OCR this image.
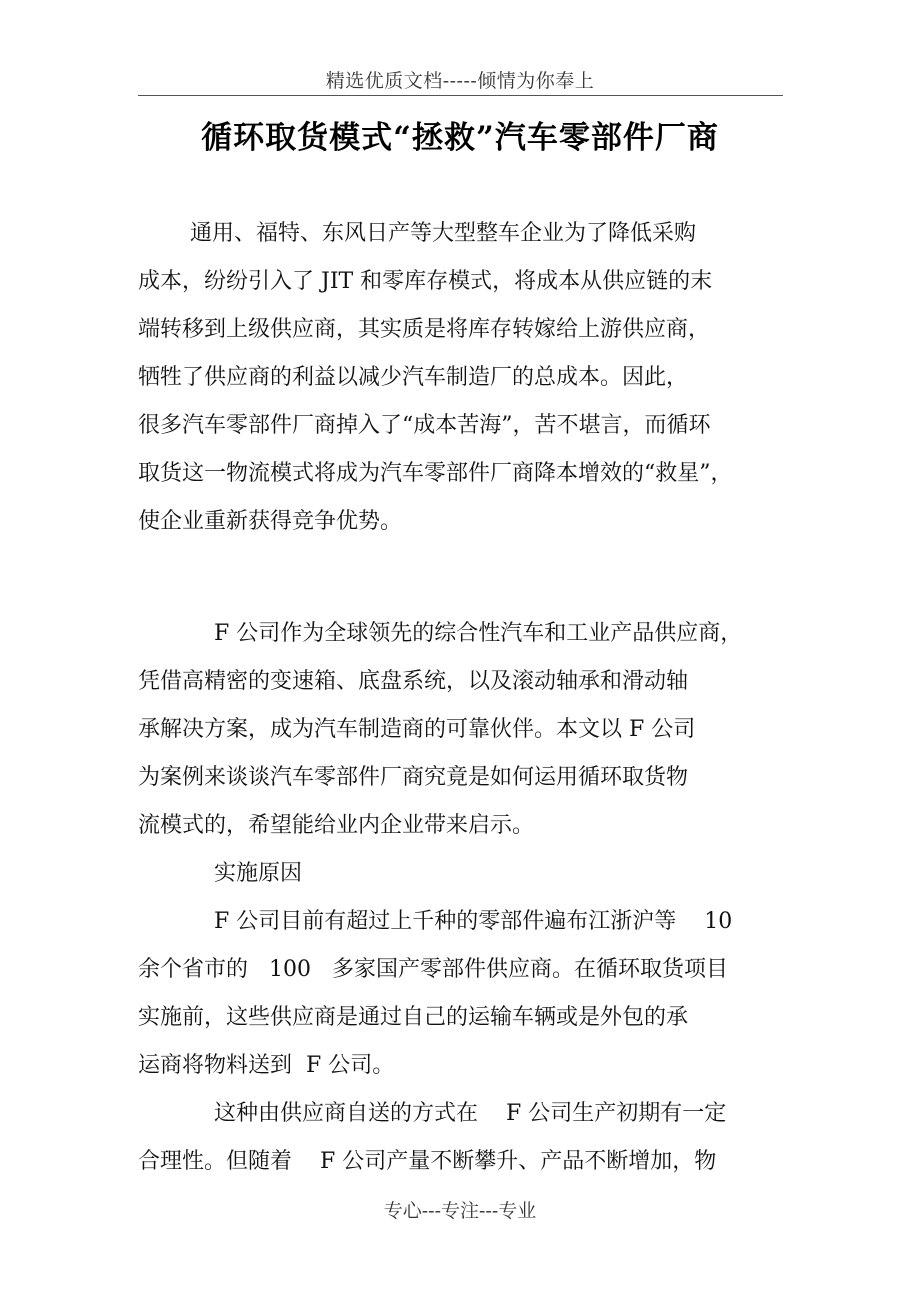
精选优质文档-----倾情为你奉上
循环取货模式“拯救”汽车零部件厂商
通用、福特、东风日产等大型整车企业为了降低采购
成本，纷纷引入了 JIT 和零库存模式，将成本从供应链的末
端转移到上级供应商，其实质是将库存转嫁给上游供应商，
牺牲了供应商的利益以减少汽车制造厂的总成本。因此，
很多汽车零部件厂商掉入了“成本苦海”，苦不堪言，而循环
取货这一物流模式将成为汽车零部件厂商降本增效的“救星”，
使企业重新获得竞争优势。
F 公司作为全球领先的综合性汽车和工业产品供应商，
凭借高精密的变速箱、底盘系统，以及滚动轴承和滑动轴
承解决方案，成为汽车制造商的可靠伙伴。本文以 F 公司
为案例来谈谈汽车零部件厂商究竟是如何运用循环取货物
流模式的，希望能给业内企业带来启示。
实施原因
F 公司目前有超过上千种的零部件遍布江浙沪等    10
余个省市的   100   多家国产零部件供应商。在循环取货项目
实施前，这些供应商是通过自己的运输车辆或是外包的承
运商将物料送到  F 公司。
这种由供应商自送的方式在    F 公司生产初期有一定
合理性。但随着    F 公司产量不断攀升、产品不断增加，物
专心---专注---专业
